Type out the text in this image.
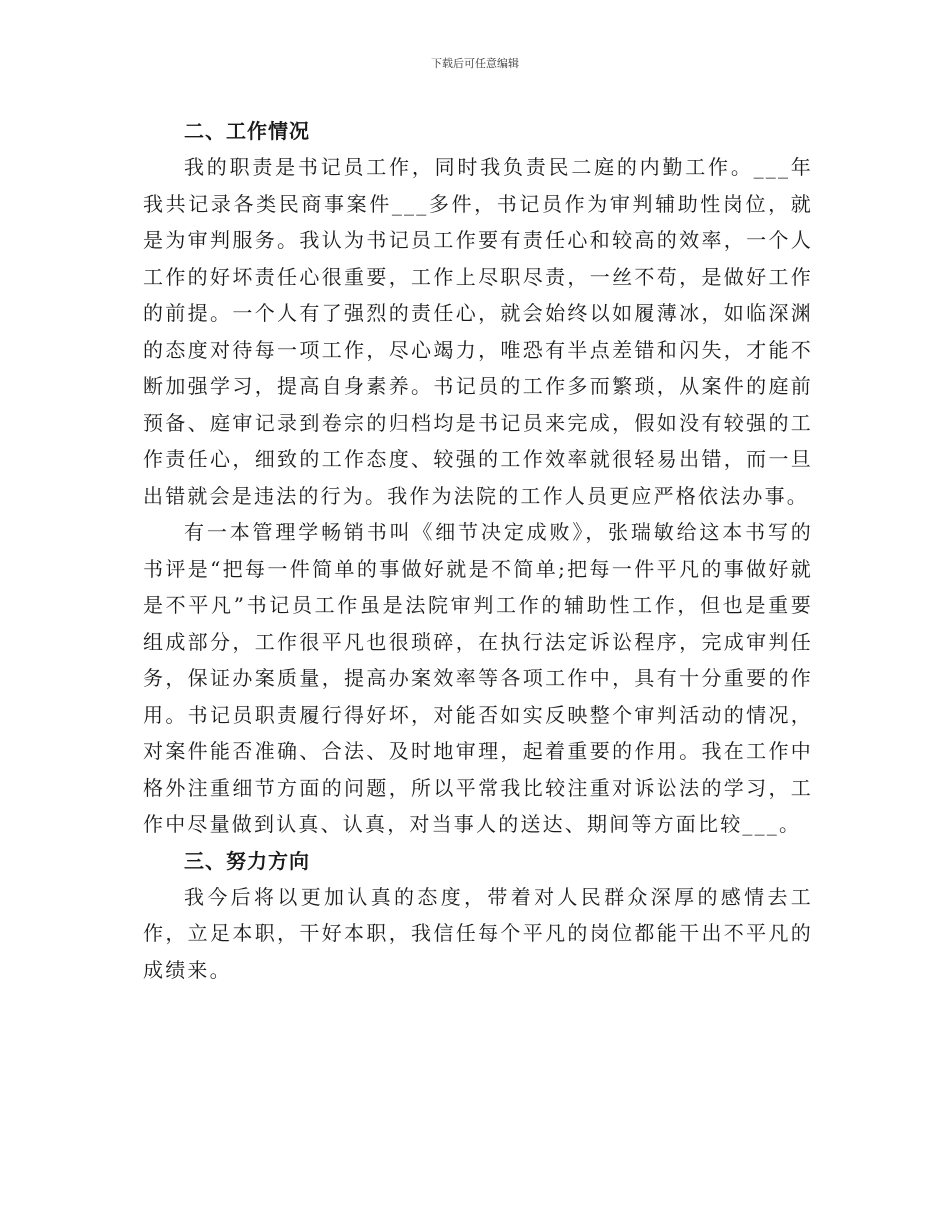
下载后可任意编辑
二、工作情况

我的职责是书记员工作，同时我负责民二庭的内勤工作。___年我共记录各类民商事案件___多件，书记员作为审判辅助性岗位，就是为审判服务。我认为书记员工作要有责任心和较高的效率，一个人工作的好坏责任心很重要，工作上尽职尽责，一丝不苟，是做好工作的前提。一个人有了强烈的责任心，就会始终以如履薄冰，如临深渊的态度对待每一项工作，尽心竭力，唯恐有半点差错和闪失，才能不断加强学习，提高自身素养。书记员的工作多而繁琐，从案件的庭前预备、庭审记录到卷宗的归档均是书记员来完成，假如没有较强的工作责任心，细致的工作态度、较强的工作效率就很轻易出错，而一旦出错就会是违法的行为。我作为法院的工作人员更应严格依法办事。

有一本管理学畅销书叫《细节决定成败》，张瑞敏给这本书写的书评是“把每一件简单的事做好就是不简单;把每一件平凡的事做好就是不平凡”书记员工作虽是法院审判工作的辅助性工作，但也是重要组成部分，工作很平凡也很琐碎，在执行法定诉讼程序，完成审判任务，保证办案质量，提高办案效率等各项工作中，具有十分重要的作用。书记员职责履行得好坏，对能否如实反映整个审判活动的情况，对案件能否准确、合法、及时地审理，起着重要的作用。我在工作中格外注重细节方面的问题，所以平常我比较注重对诉讼法的学习，工作中尽量做到认真、认真，对当事人的送达、期间等方面比较___。

三、努力方向

我今后将以更加认真的态度，带着对人民群众深厚的感情去工作，立足本职，干好本职，我信任每个平凡的岗位都能干出不平凡的成绩来。
